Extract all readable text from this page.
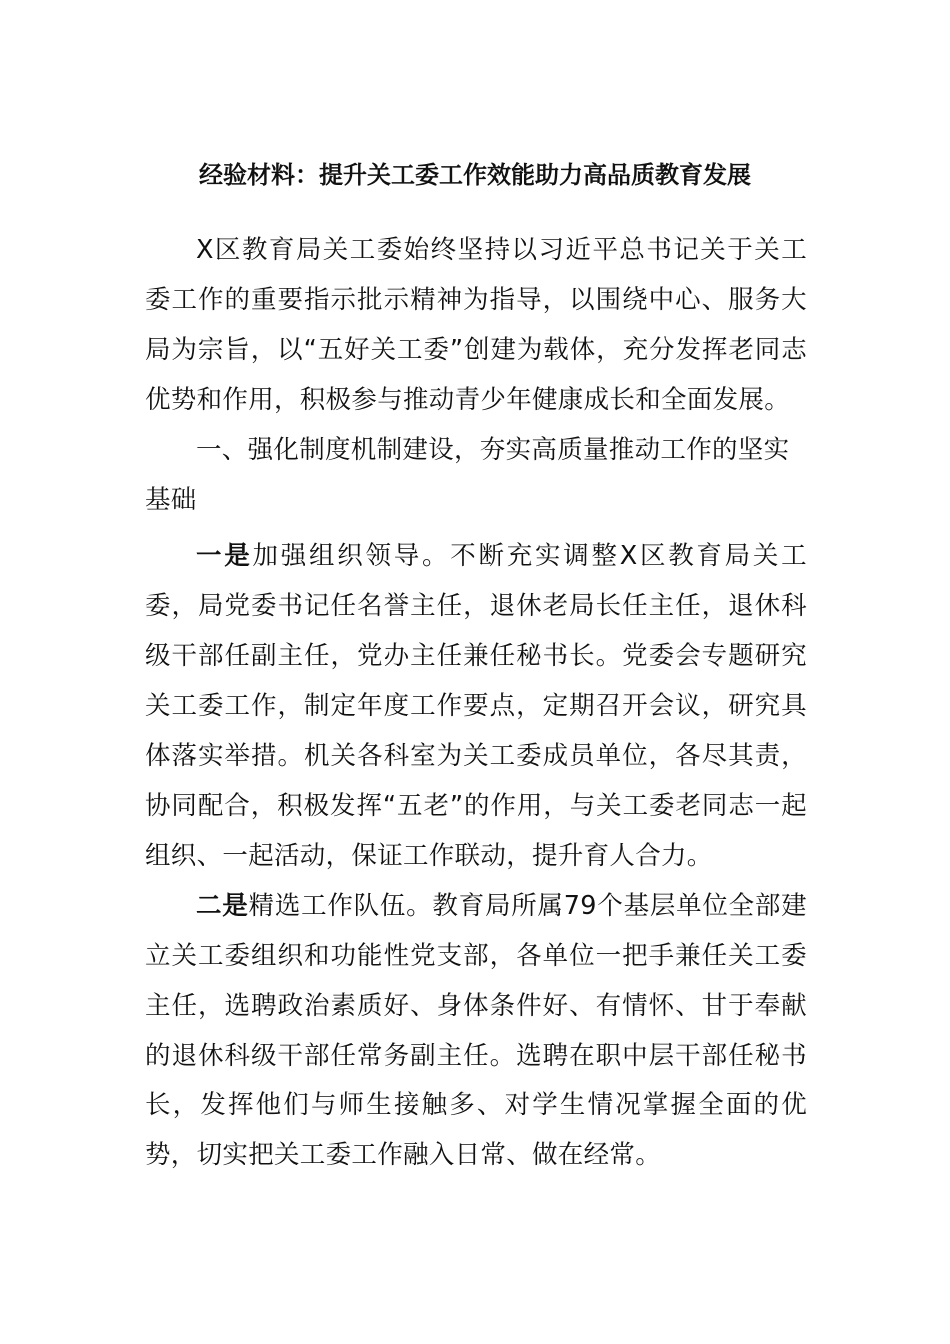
经验材料：提升关工委工作效能助力高品质教育发展

X区教育局关工委始终坚持以习近平总书记关于关工委工作的重要指示批示精神为指导，以围绕中心、服务大局为宗旨，以“五好关工委”创建为载体，充分发挥老同志优势和作用，积极参与推动青少年健康成长和全面发展。

一、强化制度机制建设，夯实高质量推动工作的坚实基础

一是加强组织领导。不断充实调整X区教育局关工委，局党委书记任名誉主任，退休老局长任主任，退休科级干部任副主任，党办主任兼任秘书长。党委会专题研究关工委工作，制定年度工作要点，定期召开会议，研究具体落实举措。机关各科室为关工委成员单位，各尽其责，协同配合，积极发挥“五老”的作用，与关工委老同志一起组织、一起活动，保证工作联动，提升育人合力。

二是精选工作队伍。教育局所属79个基层单位全部建立关工委组织和功能性党支部，各单位一把手兼任关工委主任，选聘政治素质好、身体条件好、有情怀、甘于奉献的退休科级干部任常务副主任。选聘在职中层干部任秘书长，发挥他们与师生接触多、对学生情况掌握全面的优势，切实把关工委工作融入日常、做在经常。
